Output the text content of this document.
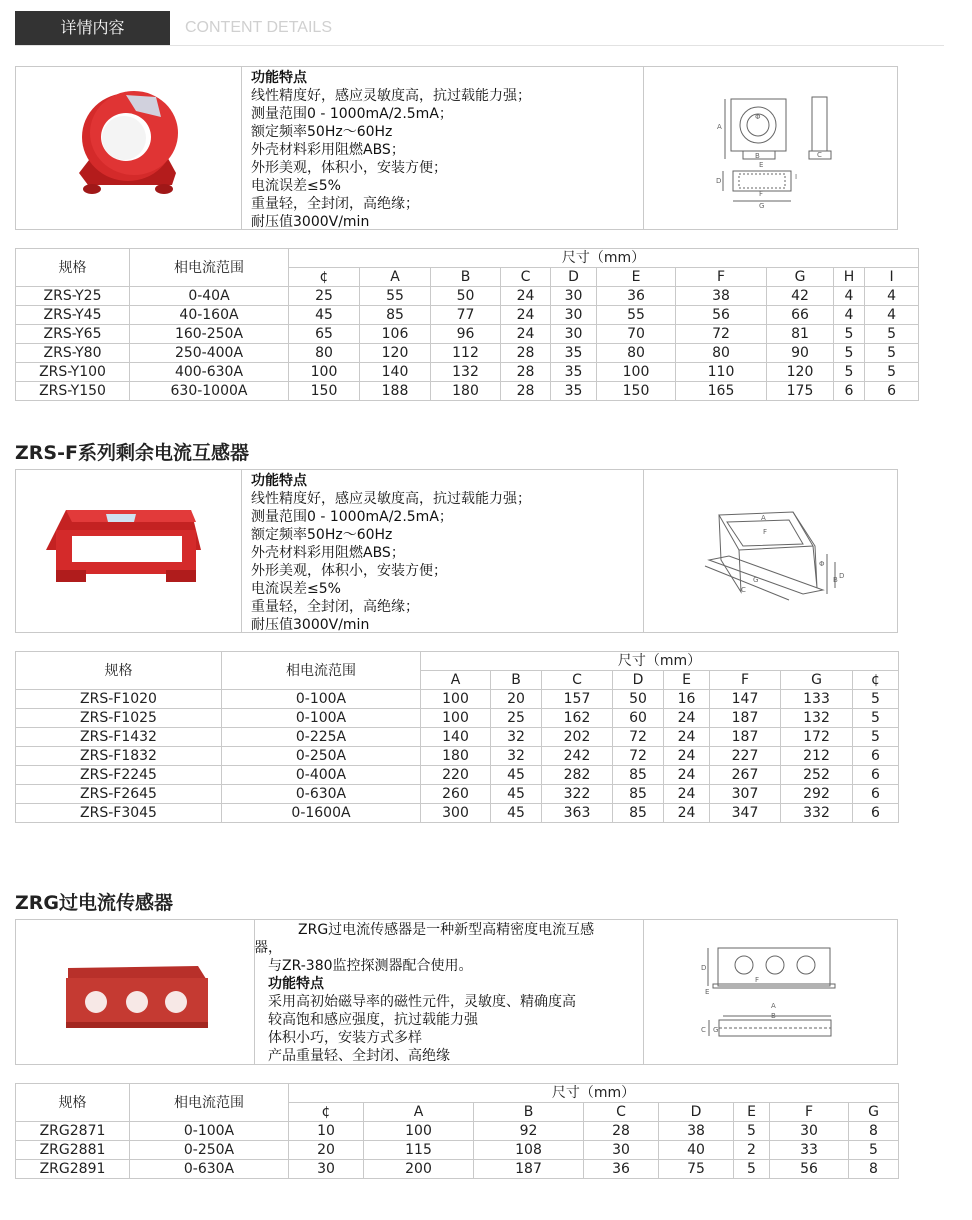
详情内容	CONTENT DETAILS
功能特点
线性精度好，感应灵敏度高，抗过载能力强；
测量范围0 - 1000mA/2.5mA；
额定频率50Hz～60Hz
外壳材料彩用阻燃ABS；
外形美观，体积小，安装方便；
电流误差≤5%
重量轻，全封闭，高绝缘；
耐压值3000V/min
A
B	C
D
E
F
G
I
Φ
规格	相电流范围	尺寸（mm）									
		¢	A	B	C	D	E	F	G	H	I
ZRS-Y25	0-40A	25	55	50	24	30	36	38	42	4	4
ZRS-Y45	40-160A	45	85	77	24	30	55	56	66	4	4
ZRS-Y65	160-250A	65	106	96	24	30	70	72	81	5	5
ZRS-Y80	250-400A	80	120	112	28	35	80	80	90	5	5
ZRS-Y100	400-630A	100	140	132	28	35	100	110	120	5	5
ZRS-Y150	630-1000A	150	188	180	28	35	150	165	175	6	6
ZRS-F系列剩余电流互感器
功能特点
线性精度好，感应灵敏度高，抗过载能力强；
测量范围0 - 1000mA/2.5mA；
额定频率50Hz～60Hz
外壳材料彩用阻燃ABS；
外形美观，体积小，安装方便；
电流误差≤5%
重量轻，全封闭，高绝缘；
耐压值3000V/min
A
B
C
D
F
G
Φ
规格	相电流范围	尺寸（mm）							
		A	B	C	D	E	F	G	¢
ZRS-F1020	0-100A	100	20	157	50	16	147	133	5
ZRS-F1025	0-100A	100	25	162	60	24	187	132	5
ZRS-F1432	0-225A	140	32	202	72	24	187	172	5
ZRS-F1832	0-250A	180	32	242	72	24	227	212	6
ZRS-F2245	0-400A	220	45	282	85	24	267	252	6
ZRS-F2645	0-630A	260	45	322	85	24	307	292	6
ZRS-F3045	0-1600A	300	45	363	85	24	347	332	6
ZRG过电流传感器
ZRG过电流传感器是一种新型高精密度电流互感
器，
与ZR-380监控探测器配合使用。
功能特点
采用高初始磁导率的磁性元件，灵敏度、精确度高
较高饱和感应强度，抗过载能力强
体积小巧，安装方式多样
产品重量轻、全封闭、高绝缘
A
B
C
D
E
F
G
规格	相电流范围	尺寸（mm）							
		¢	A	B	C	D	E	F	G
ZRG2871	0-100A	10	100	92	28	38	5	30	8
ZRG2881	0-250A	20	115	108	30	40	2	33	5
ZRG2891	0-630A	30	200	187	36	75	5	56	8
